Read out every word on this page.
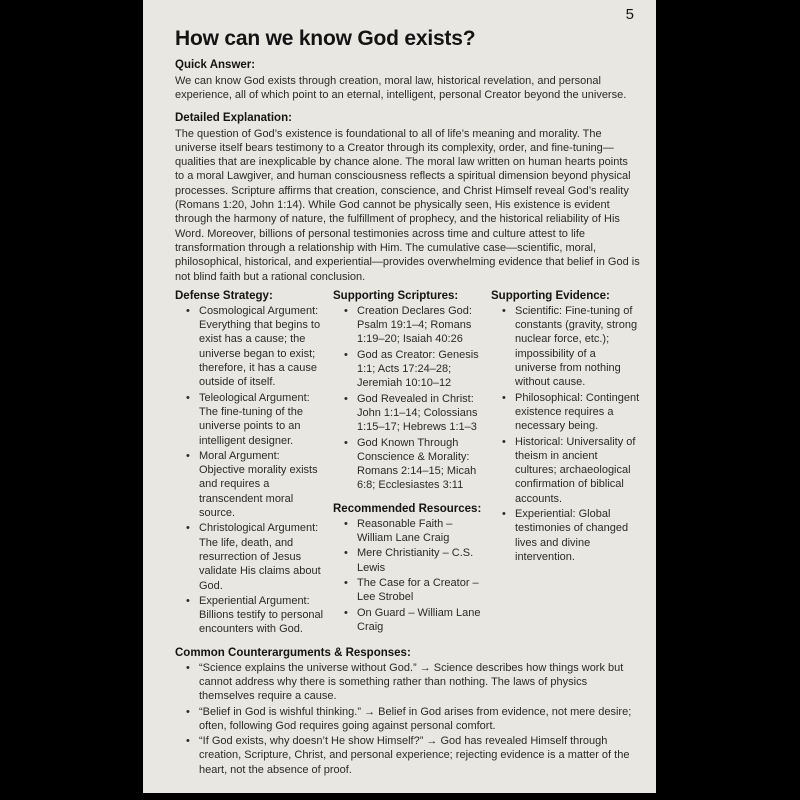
5
How can we know God exists?
Quick Answer:
We can know God exists through creation, moral law, historical revelation, and personal experience, all of which point to an eternal, intelligent, personal Creator beyond the universe.
Detailed Explanation:
The question of God’s existence is foundational to all of life’s meaning and morality. The universe itself bears testimony to a Creator through its complexity, order, and fine-tuning—qualities that are inexplicable by chance alone. The moral law written on human hearts points to a moral Lawgiver, and human consciousness reflects a spiritual dimension beyond physical processes. Scripture affirms that creation, conscience, and Christ Himself reveal God’s reality (Romans 1:20, John 1:14). While God cannot be physically seen, His existence is evident through the harmony of nature, the fulfillment of prophecy, and the historical reliability of His Word. Moreover, billions of personal testimonies across time and culture attest to life transformation through a relationship with Him. The cumulative case—scientific, moral, philosophical, historical, and experiential—provides overwhelming evidence that belief in God is not blind faith but a rational conclusion.
Defense Strategy:
• Cosmological Argument: Everything that begins to exist has a cause; the universe began to exist; therefore, it has a cause outside of itself.
• Teleological Argument: The fine-tuning of the universe points to an intelligent designer.
• Moral Argument: Objective morality exists and requires a transcendent moral source.
• Christological Argument: The life, death, and resurrection of Jesus validate His claims about God.
• Experiential Argument: Billions testify to personal encounters with God.
Supporting Scriptures:
• Creation Declares God: Psalm 19:1–4; Romans 1:19–20; Isaiah 40:26
• God as Creator: Genesis 1:1; Acts 17:24–28; Jeremiah 10:10–12
• God Revealed in Christ: John 1:1–14; Colossians 1:15–17; Hebrews 1:1–3
• God Known Through Conscience & Morality: Romans 2:14–15; Micah 6:8; Ecclesiastes 3:11
Recommended Resources:
• Reasonable Faith – William Lane Craig
• Mere Christianity – C.S. Lewis
• The Case for a Creator – Lee Strobel
• On Guard – William Lane Craig
Supporting Evidence:
• Scientific: Fine-tuning of constants (gravity, strong nuclear force, etc.); impossibility of a universe from nothing without cause.
• Philosophical: Contingent existence requires a necessary being.
• Historical: Universality of theism in ancient cultures; archaeological confirmation of biblical accounts.
• Experiential: Global testimonies of changed lives and divine intervention.
Common Counterarguments & Responses:
• “Science explains the universe without God.” → Science describes how things work but cannot address why there is something rather than nothing. The laws of physics themselves require a cause.
• “Belief in God is wishful thinking.” → Belief in God arises from evidence, not mere desire; often, following God requires going against personal comfort.
• “If God exists, why doesn’t He show Himself?” → God has revealed Himself through creation, Scripture, Christ, and personal experience; rejecting evidence is a matter of the heart, not the absence of proof.
